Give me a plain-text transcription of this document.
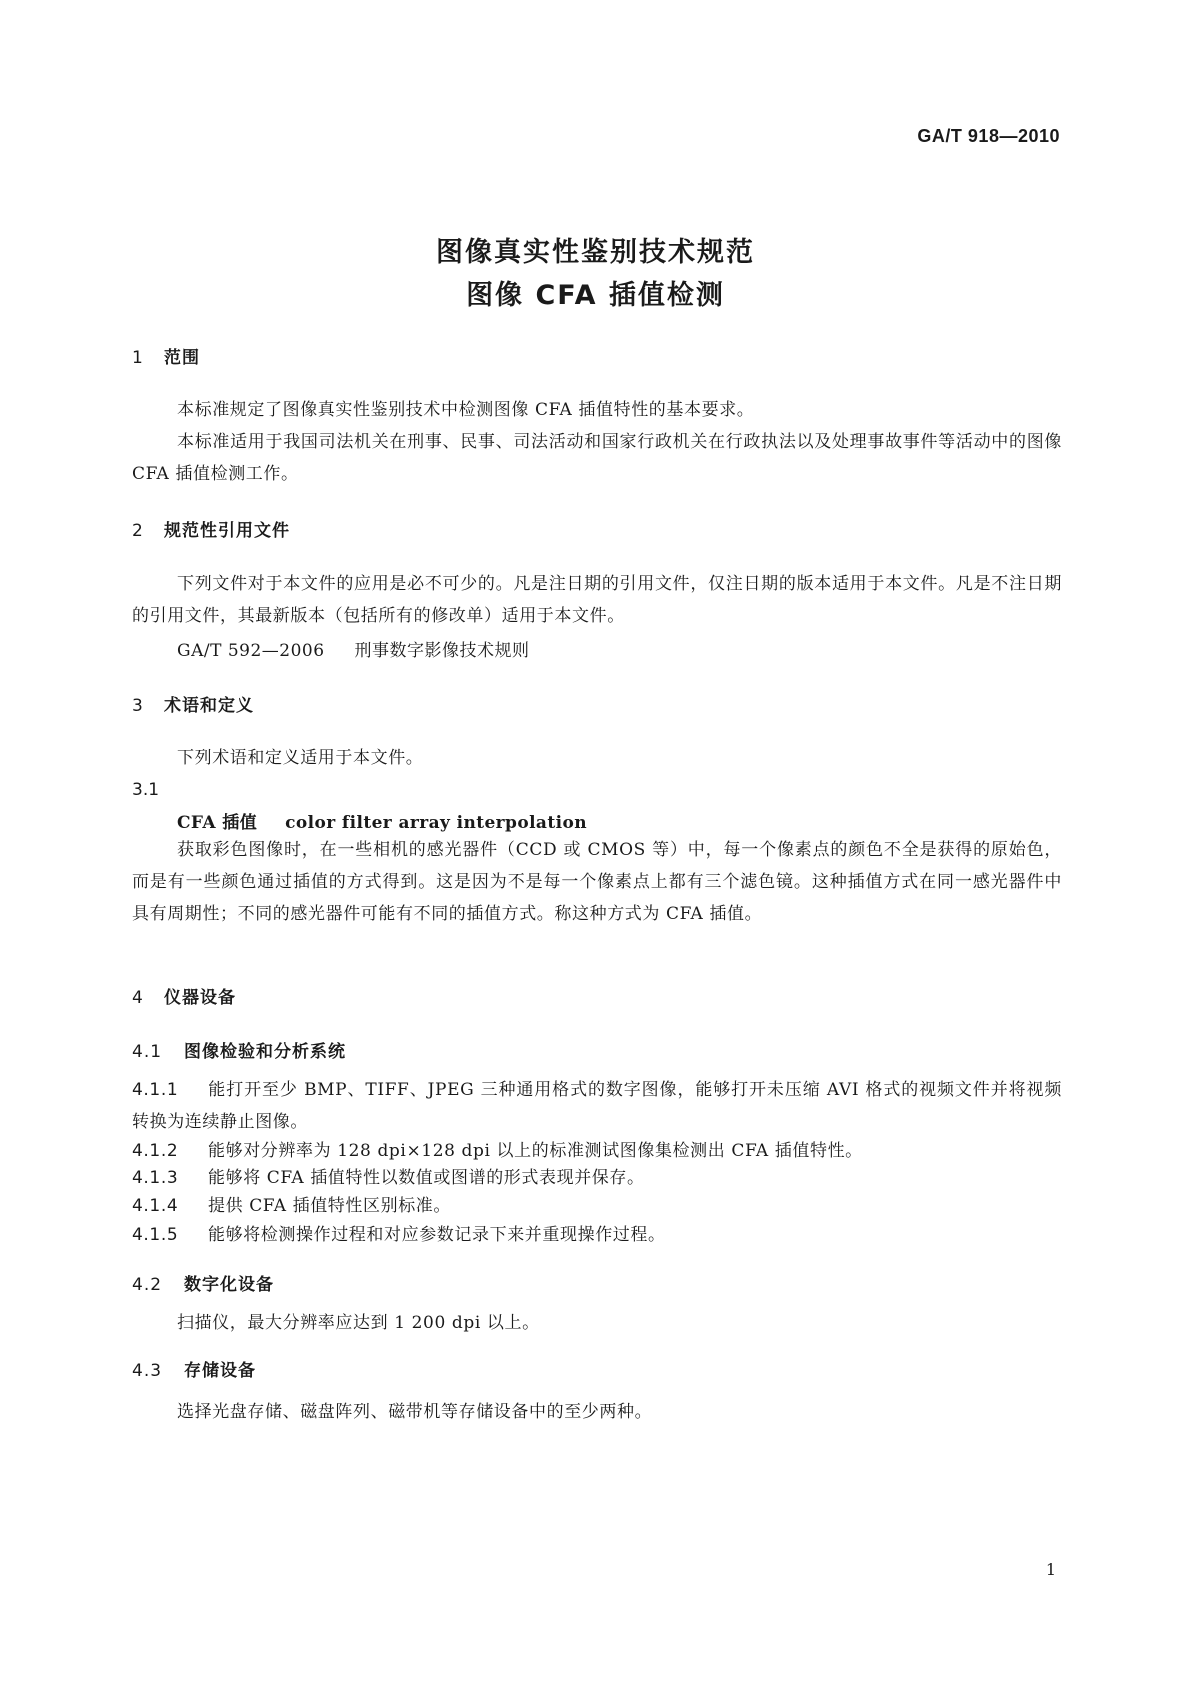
GA/T 918—2010
图像真实性鉴别技术规范
图像 CFA 插值检测
1 范围
本标准规定了图像真实性鉴别技术中检测图像 CFA 插值特性的基本要求。
本标准适用于我国司法机关在刑事、民事、司法活动和国家行政机关在行政执法以及处理事故事件等活动中的图像 CFA 插值检测工作。
2 规范性引用文件
下列文件对于本文件的应用是必不可少的。凡是注日期的引用文件，仅注日期的版本适用于本文件。凡是不注日期的引用文件，其最新版本（包括所有的修改单）适用于本文件。
GA/T 592—2006 刑事数字影像技术规则
3 术语和定义
下列术语和定义适用于本文件。
3.1
CFA 插值 color filter array interpolation
获取彩色图像时，在一些相机的感光器件（CCD 或 CMOS 等）中，每一个像素点的颜色不全是获得的原始色，而是有一些颜色通过插值的方式得到。这是因为不是每一个像素点上都有三个滤色镜。这种插值方式在同一感光器件中具有周期性；不同的感光器件可能有不同的插值方式。称这种方式为 CFA 插值。
4 仪器设备
4.1 图像检验和分析系统
4.1.1 能打开至少 BMP、TIFF、JPEG 三种通用格式的数字图像，能够打开未压缩 AVI 格式的视频文件并将视频转换为连续静止图像。
4.1.2 能够对分辨率为 128 dpi×128 dpi 以上的标准测试图像集检测出 CFA 插值特性。
4.1.3 能够将 CFA 插值特性以数值或图谱的形式表现并保存。
4.1.4 提供 CFA 插值特性区别标准。
4.1.5 能够将检测操作过程和对应参数记录下来并重现操作过程。
4.2 数字化设备
扫描仪，最大分辨率应达到 1 200 dpi 以上。
4.3 存储设备
选择光盘存储、磁盘阵列、磁带机等存储设备中的至少两种。
1
